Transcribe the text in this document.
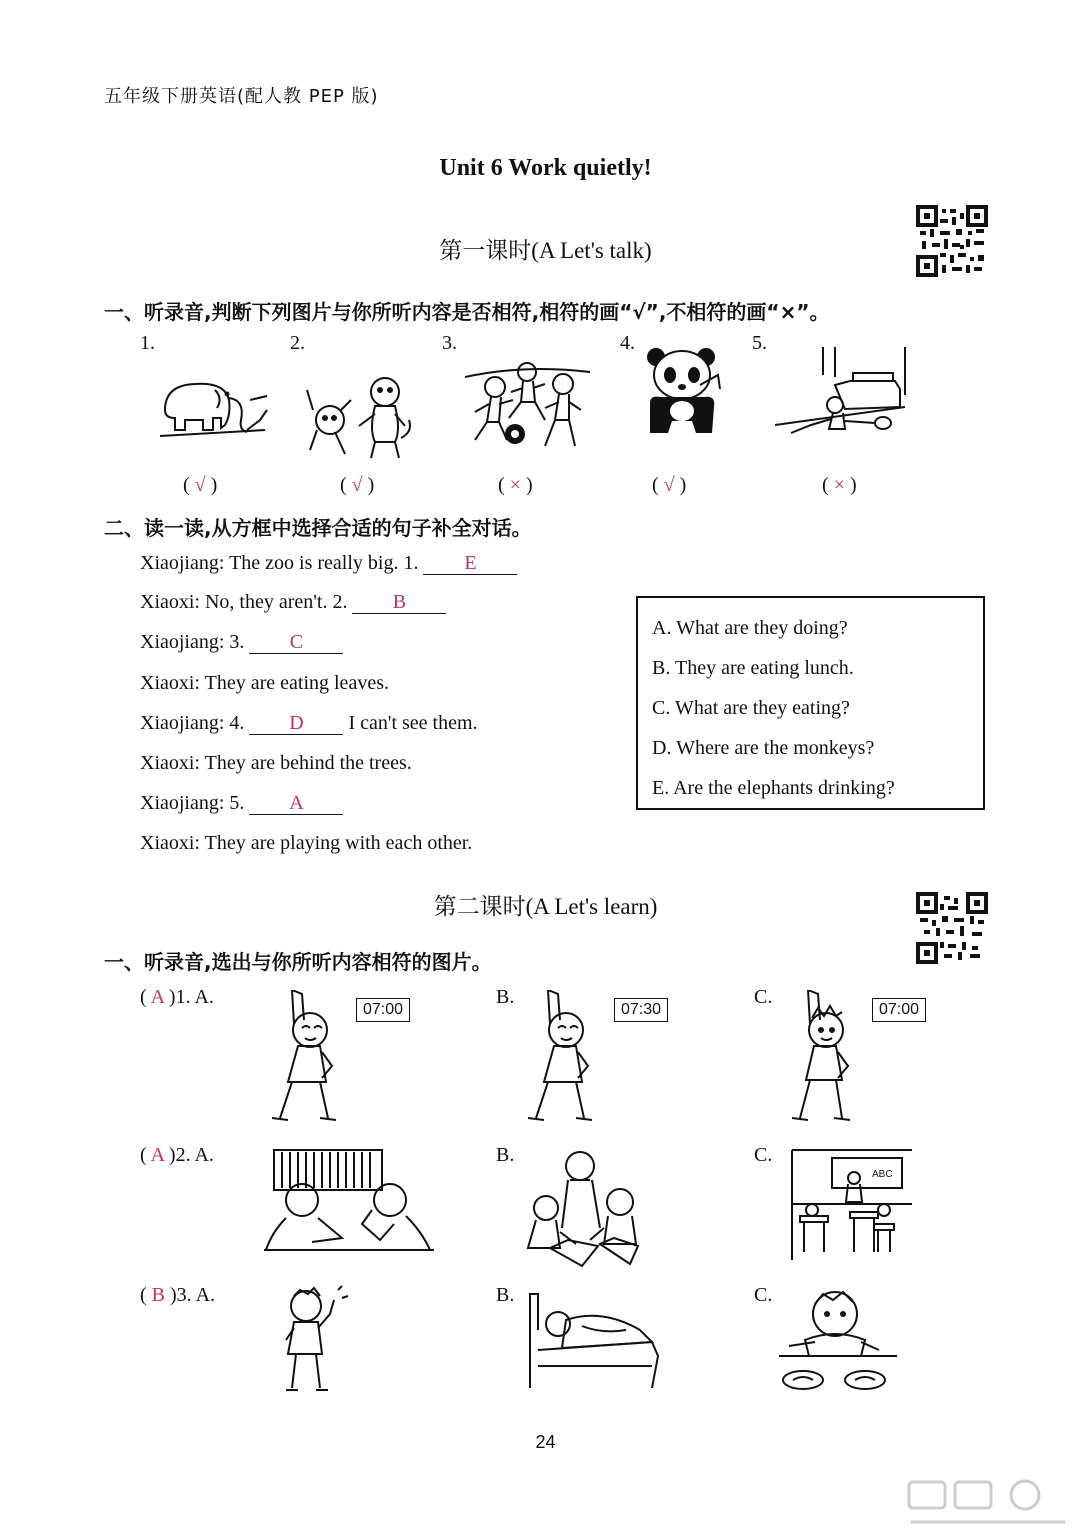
五年级下册英语(配人教 PEP 版)
Unit 6 Work quietly!
第一课时(A Let's talk)
一、听录音,判断下列图片与你所听内容是否相符,相符的画“√”,不相符的画“×”。
1.	2.	3.	4.	5.
( √ )	( √ )	( × )	( √ )	( × )
二、读一读,从方框中选择合适的句子补全对话。
Xiaojiang: The zoo is really big. 1. E
Xiaoxi: No, they aren't. 2. B
Xiaojiang: 3. C
Xiaoxi: They are eating leaves.
Xiaojiang: 4. D I can't see them.
Xiaoxi: They are behind the trees.
Xiaojiang: 5. A
Xiaoxi: They are playing with each other.
A. What are they doing?
B. They are eating lunch.
C. What are they eating?
D. Where are the monkeys?
E. Are the elephants drinking?
第二课时(A Let's learn)
一、听录音,选出与你所听内容相符的图片。
( A )1. A.	B.	C.
07:00	07:30	07:00
( A )2. A.	B.	C.
ABC
( B )3. A.	B.	C.
24
